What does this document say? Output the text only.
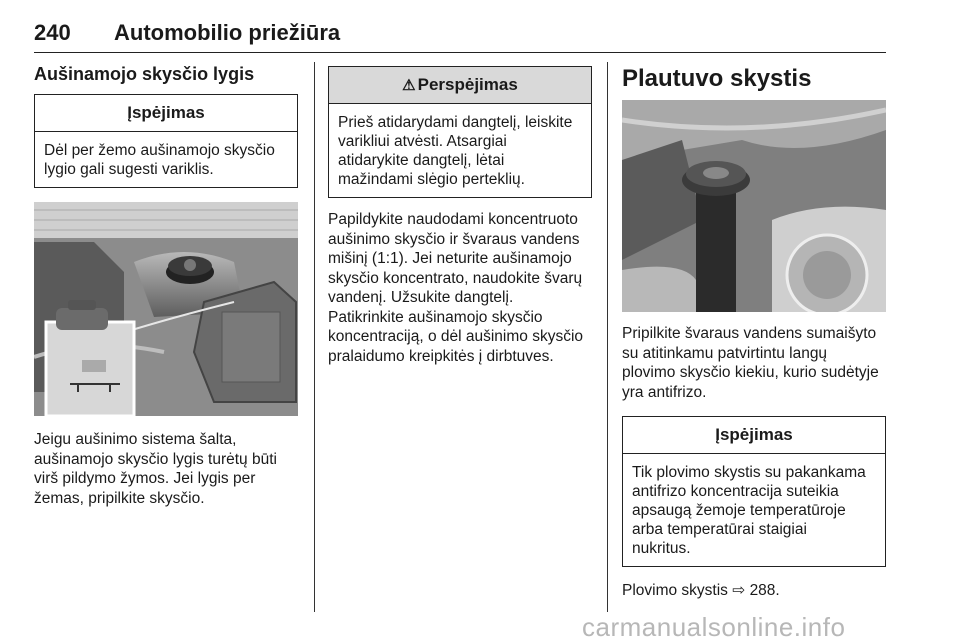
240 Automobilio priežiūra
Aušinamojo skysčio lygis
Įspėjimas
Dėl per žemo aušinamojo skysčio lygio gali sugesti variklis.

Jeigu aušinimo sistema šalta,
aušinamojo skysčio lygis turėtų būti
virš pildymo žymos. Jei lygis per
žemas, pripilkite skysčio.

⚠ Perspėjimas
Prieš atidarydami dangtelį, leiskite
varikliui atvėsti. Atsargiai
atidarykite dangtelį, lėtai
mažindami slėgio perteklių.

Papildykite naudodami koncentruoto
aušinimo skysčio ir švaraus vandens
mišinį (1:1). Jei neturite aušinamojo
skysčio koncentrato, naudokite švarų
vandenį. Užsukite dangtelį.
Patikrinkite aušinamojo skysčio
koncentraciją, o dėl aušinimo skysčio
pralaidumo kreipkitės į dirbtuves.

Plautuvo skystis

Pripilkite švaraus vandens sumaišyto
su atitinkamu patvirtintu langų
plovimo skysčio kiekiu, kurio sudėtyje
yra antifrizo.

Įspėjimas
Tik plovimo skystis su pakankama
antifrizo koncentracija suteikia
apsaugą žemoje temperatūroje
arba temperatūrai staigiai
nukritus.

Plovimo skystis ⇨ 288.

carmanualsonline.info
